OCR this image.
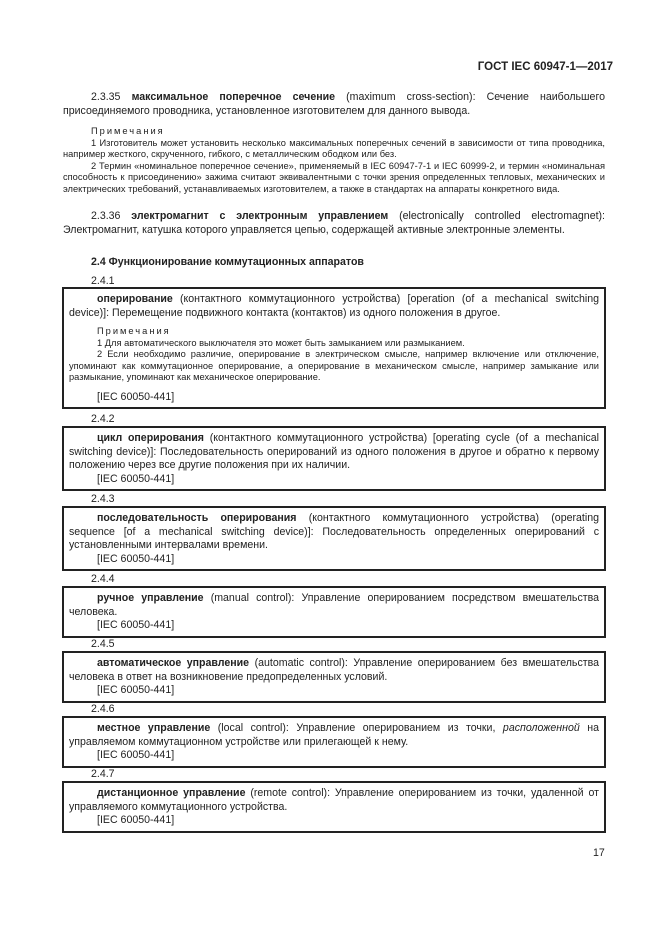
ГОСТ IEC 60947-1—2017

2.3.35 максимальное поперечное сечение (maximum cross-section): Сечение наибольшего присоединяемого проводника, установленное изготовителем для данного вывода.

Примечания

1 Изготовитель может установить несколько максимальных поперечных сечений в зависимости от типа проводника, например жесткого, скрученного, гибкого, с металлическим ободком или без.

2 Термин «номинальное поперечное сечение», применяемый в IEC 60947-7-1 и IEC 60999-2, и термин «номинальная способность к присоединению» зажима считают эквивалентными с точки зрения определенных тепловых, механических и электрических требований, устанавливаемых изготовителем, а также в стандартах на аппараты конкретного вида.

2.3.36 электромагнит с электронным управлением (electronically controlled electromagnet): Электромагнит, катушка которого управляется цепью, содержащей активные электронные элементы.

2.4 Функционирование коммутационных аппаратов
2.4.1

оперирование (контактного коммутационного устройства) [operation (of a mechanical switching device)]: Перемещение подвижного контакта (контактов) из одного положения в другое.

Примечания

1 Для автоматического выключателя это может быть замыканием или размыканием.

2 Если необходимо различие, оперирование в электрическом смысле, например включение или отключение, упоминают как коммутационное оперирование, а оперирование в механическом смысле, например замыкание или размыкание, упоминают как механическое оперирование.

[IEC 60050-441]
2.4.2

цикл оперирования (контактного коммутационного устройства) [operating cycle (of a mechanical switching device)]: Последовательность оперирований из одного положения в другое и обратно к первому положению через все другие положения при их наличии.

[IEC 60050-441]
2.4.3

последовательность оперирования (контактного коммутационного устройства) (operating sequence [of a mechanical switching device)]: Последовательность определенных оперирований с установленными интервалами времени.

[IEC 60050-441]
2.4.4

ручное управление (manual control): Управление оперированием посредством вмешательства человека.

[IEC 60050-441]
2.4.5

автоматическое управление (automatic control): Управление оперированием без вмешательства человека в ответ на возникновение предопределенных условий.

[IEC 60050-441]
2.4.6

местное управление (local control): Управление оперированием из точки, расположенной на управляемом коммутационном устройстве или прилегающей к нему.

[IEC 60050-441]
2.4.7

дистанционное управление (remote control): Управление оперированием из точки, удаленной от управляемого коммутационного устройства.

[IEC 60050-441]
17
